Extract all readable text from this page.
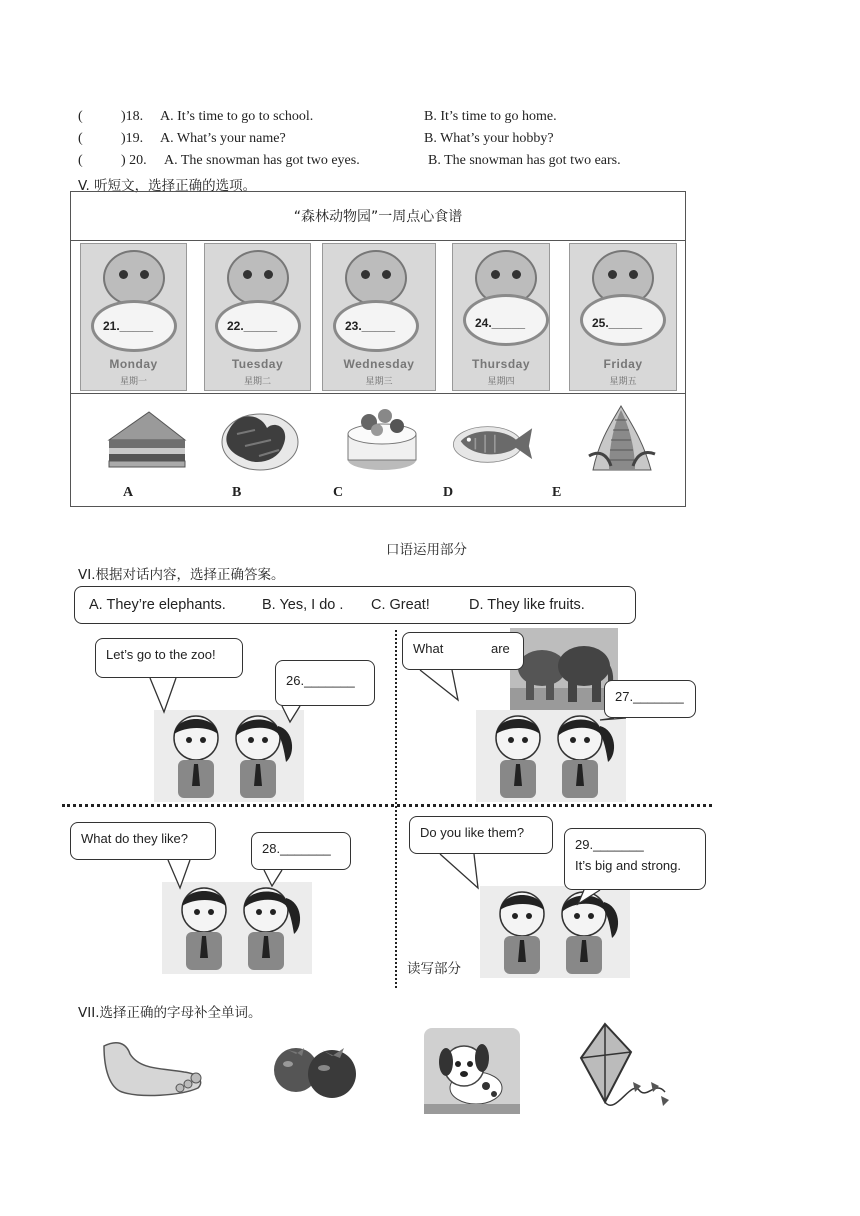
(	)18. A. It’s time to go to school.	B. It’s time to go home.
(	)19. A. What’s your name?	B. What’s your hobby?
(	) 20. A. The snowman has got two eyes.	B. The snowman has got two ears.
V. 听短文，选择正确的选项。
“森林动物园”一周点心食谱
21._____
Monday
星期一
22._____
Tuesday
星期二
23._____
Wednesday
星期三
24._____
Thursday
星期四
25._____
Friday
星期五
A	B	C	D	E
口语运用部分
VI.根据对话内容，选择正确答案。
A. They’re elephants. B. Yes, I do . C. Great!	D. They like fruits.
Let’s go to the zoo!
26._______
What	are
27._______
What do they like?
28._______
Do you like them?
29._______
It’s big and strong.
读写部分
VII.选择正确的字母补全单词。
